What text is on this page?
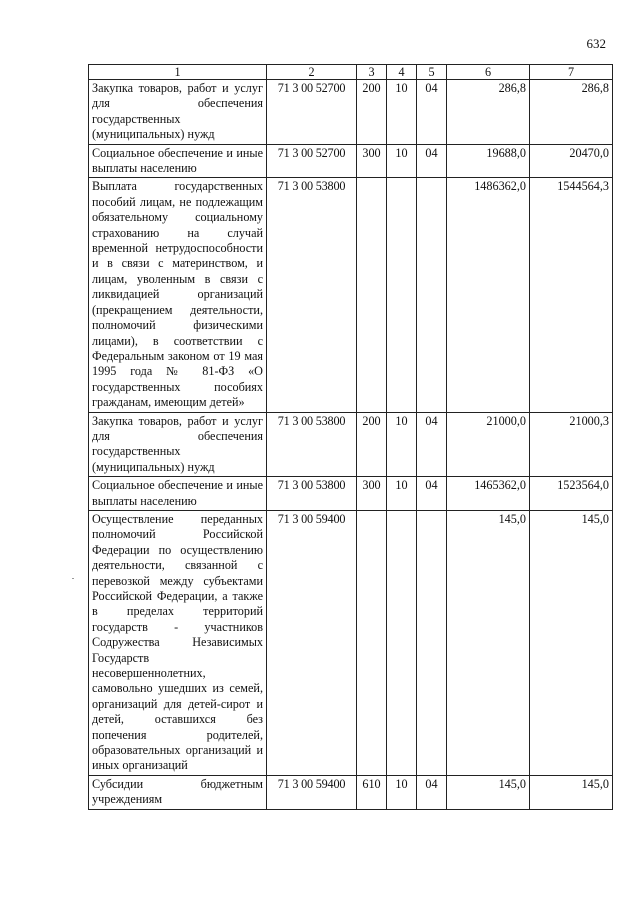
632
1	2	3	4	5	6	7
Закупка товаров, работ и услуг для обеспечения государственных (муниципальных) нужд	71 3 00 52700	200	10	04	286,8	286,8
Социальное обеспечение и иные выплаты населению	71 3 00 52700	300	10	04	19688,0	20470,0
Выплата государственных пособий лицам, не подлежащим обязательному социальному страхованию на случай временной нетрудоспособности и в связи с материнством, и лицам, уволенным в связи с ликвидацией организаций (прекращением деятельности, полномочий физическими лицами), в соответствии с Федеральным законом от 19 мая 1995 года № 81-ФЗ «О государственных пособиях гражданам, имеющим детей»	71 3 00 53800				1486362,0	1544564,3
Закупка товаров, работ и услуг для обеспечения государственных (муниципальных) нужд	71 3 00 53800	200	10	04	21000,0	21000,3
Социальное обеспечение и иные выплаты населению	71 3 00 53800	300	10	04	1465362,0	1523564,0
Осуществление переданных полномочий Российской Федерации по осуществлению деятельности, связанной с перевозкой между субъектами Российской Федерации, а также в пределах территорий государств - участников Содружества Независимых Государств несовершеннолетних, самовольно ушедших из семей, организаций для детей-сирот и детей, оставшихся без попечения родителей, образовательных организаций и иных организаций	71 3 00 59400				145,0	145,0
Субсидии бюджетным учреждениям	71 3 00 59400	610	10	04	145,0	145,0
